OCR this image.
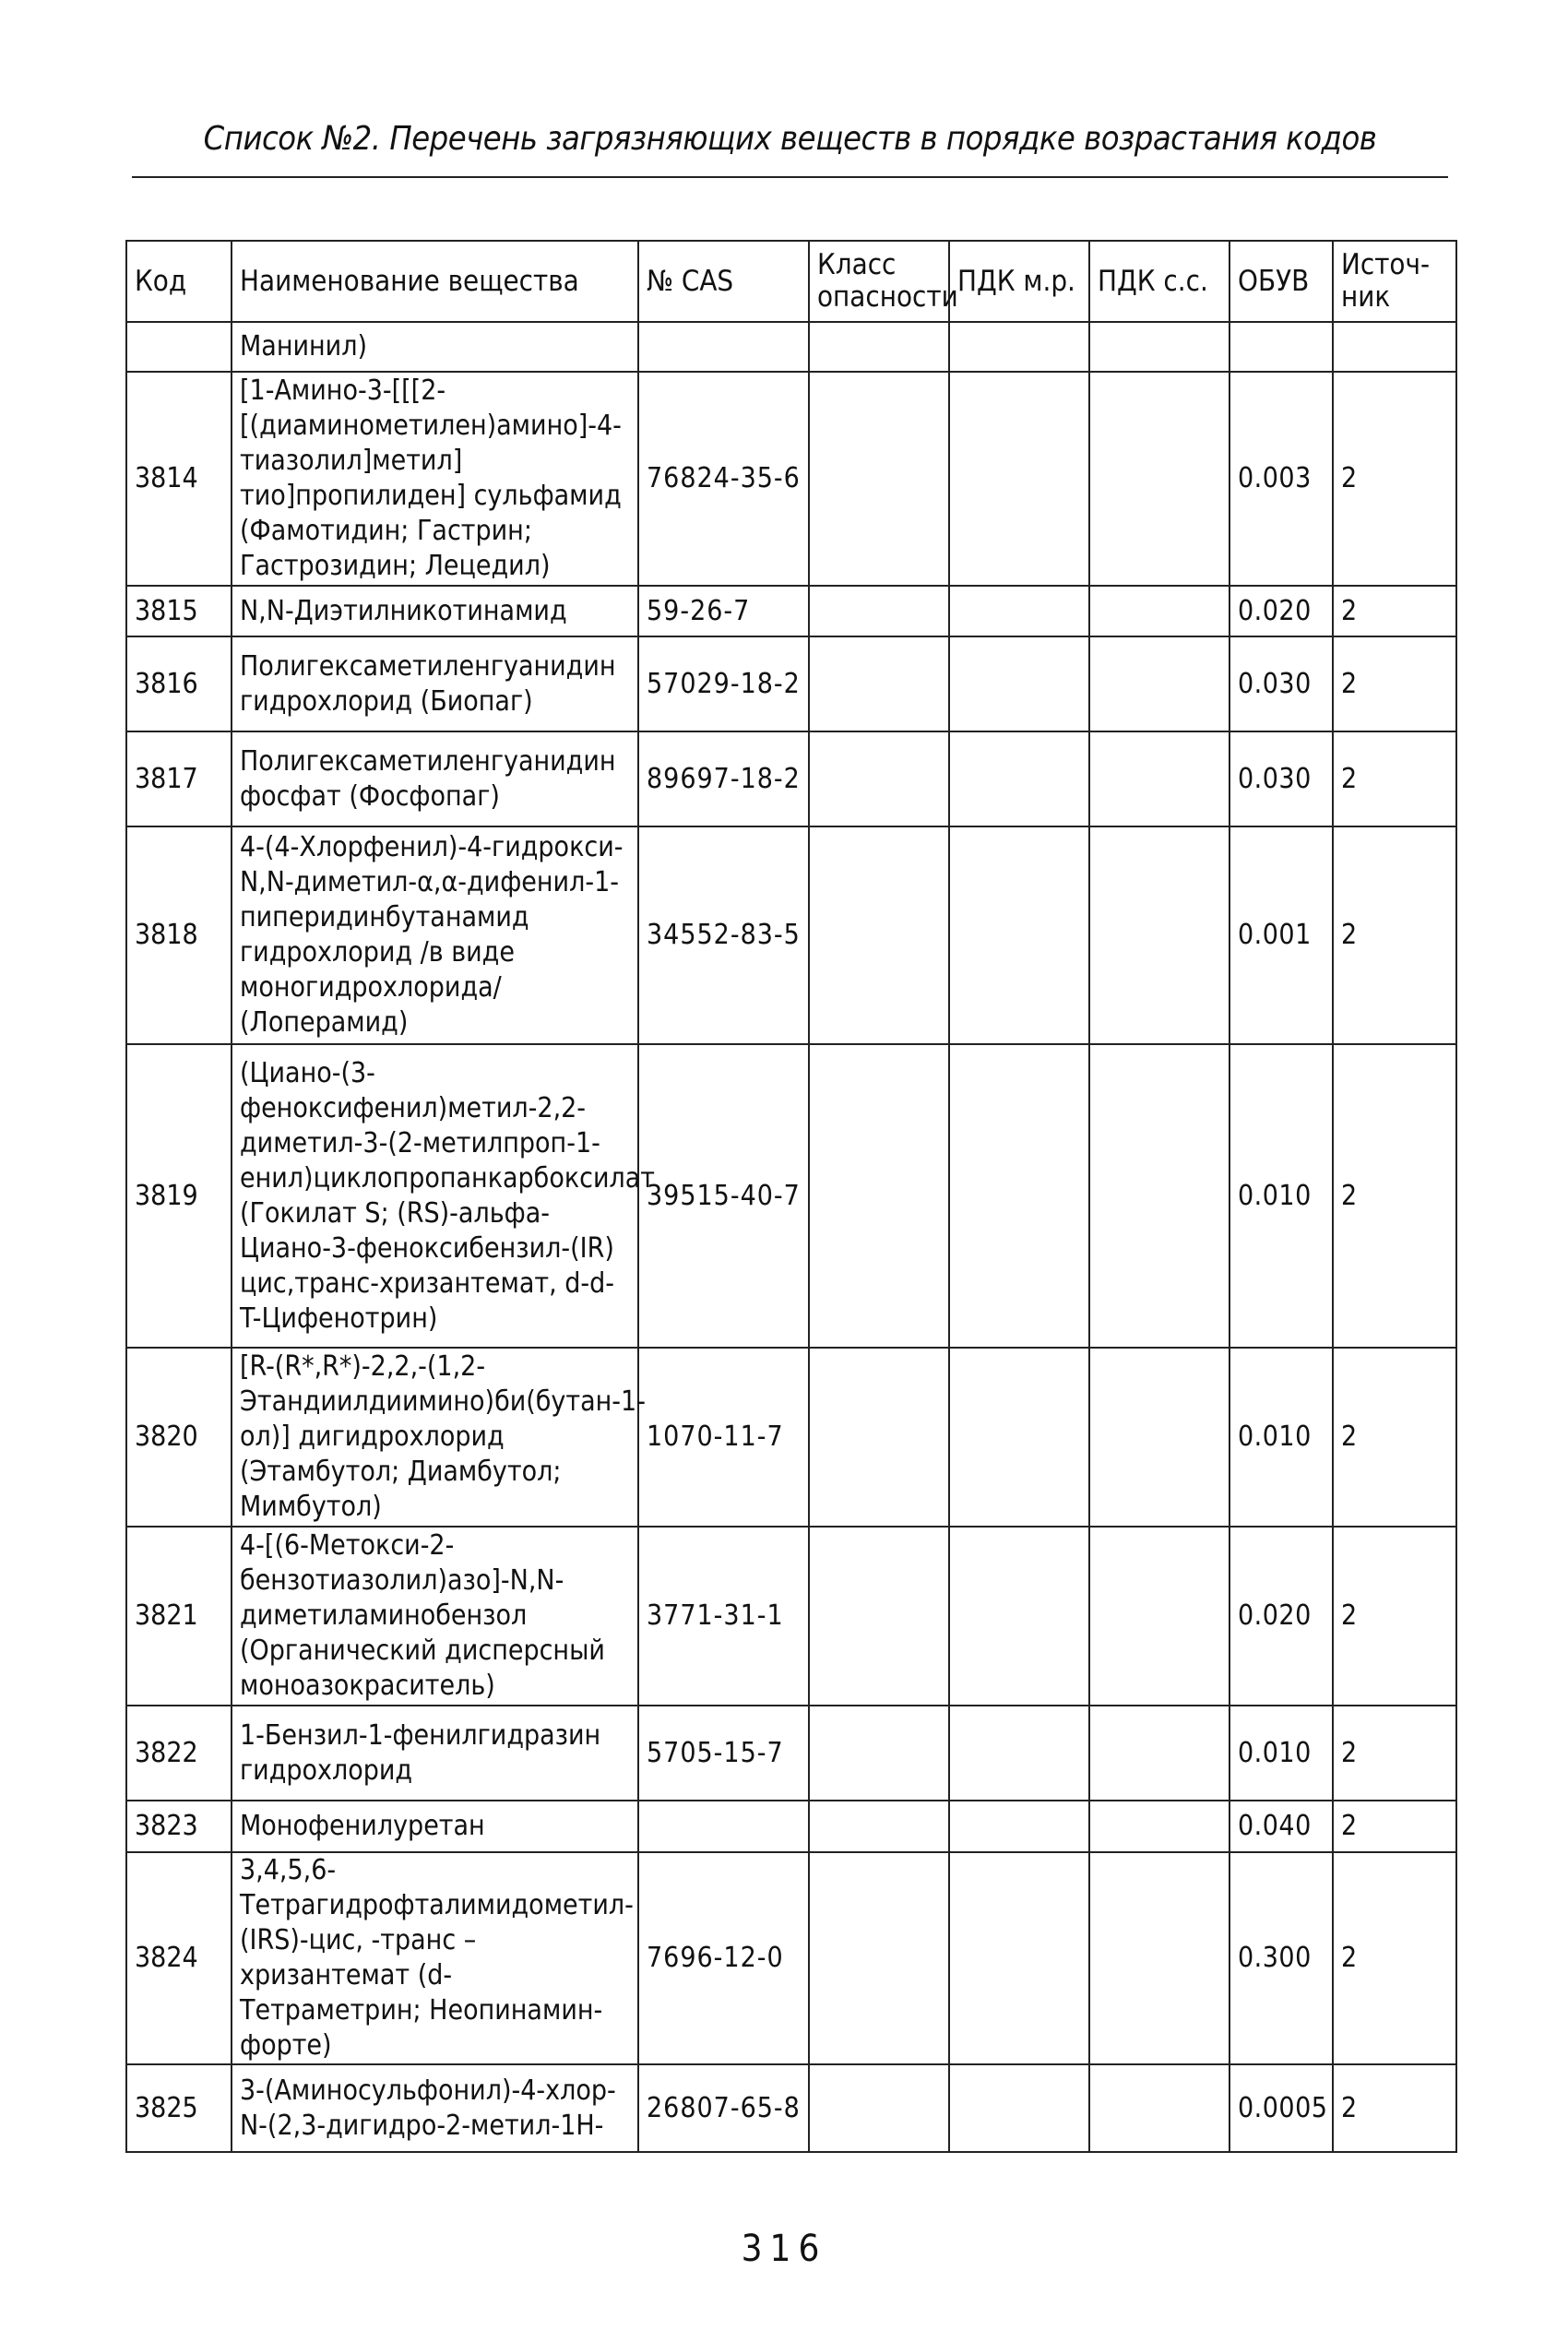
Список №2. Перечень загрязняющих веществ в порядке возрастания кодов
Код	Наименование вещества	№ CAS	Класс опасности	ПДК м.р.	ПДК с.с.	ОБУВ	Источ-ник
	Манинил)						
3814	[1-Амино-3-[[[2-[(диаминометилен)амино]-4-тиазолил]метил] тио]пропилиден] сульфамид (Фамотидин; Гастрин; Гастрозидин; Лецедил)	76824-35-6				0.003	2
3815	N,N-Диэтилникотинамид	59-26-7				0.020	2
3816	Полигексаметиленгуанидин гидрохлорид (Биопаг)	57029-18-2				0.030	2
3817	Полигексаметиленгуанидин фосфат (Фосфопаг)	89697-18-2				0.030	2
3818	4-(4-Хлорфенил)-4-гидрокси-N,N-диметил-α,α-дифенил-1-пиперидинбутанамид гидрохлорид /в виде моногидрохлорида/ (Лоперамид)	34552-83-5				0.001	2
3819	(Циано-(3-феноксифенил)метил-2,2-диметил-3-(2-метилпроп-1-енил)циклопропанкарбоксилат (Гокилат S; (RS)-альфа-Циано-3-феноксибензил-(IR) цис,транс-хризантемат, d-d-T-Цифенотрин)	39515-40-7				0.010	2
3820	[R-(R*,R*)-2,2,-(1,2-Этандиилдиимино)би(бутан-1-ол)] дигидрохлорид (Этамбутол; Диамбутол; Мимбутол)	1070-11-7				0.010	2
3821	4-[(6-Метокси-2-бензотиазолил)азо]-N,N-диметиламинобензол (Органический дисперсный моноазокраситель)	3771-31-1				0.020	2
3822	1-Бензил-1-фенилгидразин гидрохлорид	5705-15-7				0.010	2
3823	Монофенилуретан					0.040	2
3824	3,4,5,6-Тетрагидрофталимидометил-(IRS)-цис, -транс – хризантемат (d-Тетраметрин; Неопинамин-форте)	7696-12-0				0.300	2
3825	3-(Аминосульфонил)-4-хлор-N-(2,3-дигидро-2-метил-1H-	26807-65-8				0.0005	2
316
